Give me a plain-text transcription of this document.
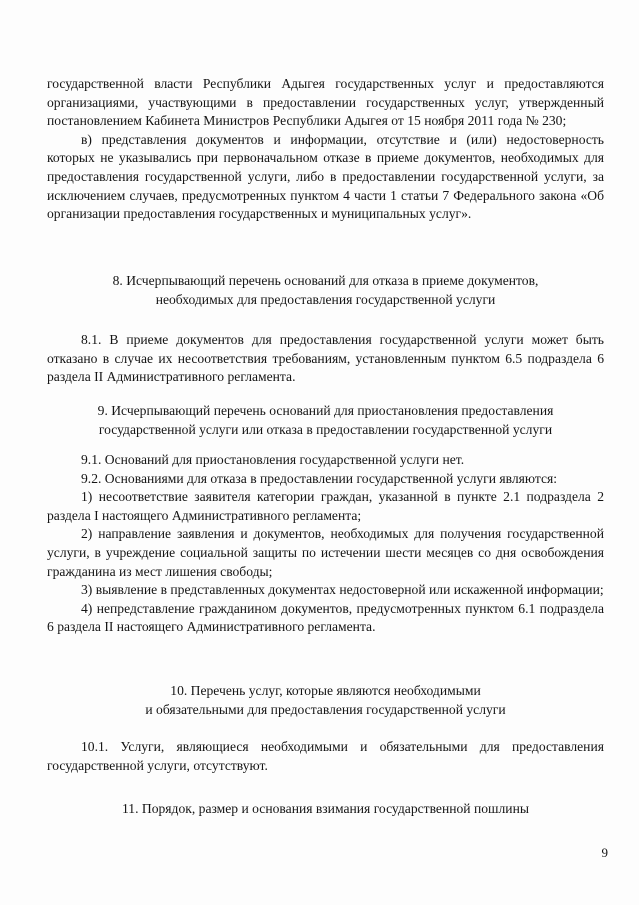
государственной власти Республики Адыгея государственных услуг и предоставляются организациями, участвующими в предоставлении государственных услуг, утвержденный постановлением Кабинета Министров Республики Адыгея от 15 ноября 2011 года № 230;

в) представления документов и информации, отсутствие и (или) недостоверность которых не указывались при первоначальном отказе в приеме документов, необходимых для предоставления государственной услуги, либо в предоставлении государственной услуги, за исключением случаев, предусмотренных пунктом 4 части 1 статьи 7 Федерального закона «Об организации предоставления государственных и муниципальных услуг».

8. Исчерпывающий перечень оснований для отказа в приеме документов,
необходимых для предоставления государственной услуги

8.1. В приеме документов для предоставления государственной услуги может быть отказано в случае их несоответствия требованиям, установленным пунктом 6.5 подраздела 6 раздела II Административного регламента.

9. Исчерпывающий перечень оснований для приостановления предоставления
государственной услуги или отказа в предоставлении государственной услуги

9.1. Оснований для приостановления государственной услуги нет.

9.2. Основаниями для отказа в предоставлении государственной услуги являются:

1) несоответствие заявителя категории граждан, указанной в пункте 2.1 подраздела 2 раздела I настоящего Административного регламента;

2) направление заявления и документов, необходимых для получения государственной услуги, в учреждение социальной защиты по истечении шести месяцев со дня освобождения гражданина из мест лишения свободы;

3) выявление в представленных документах недостоверной или искаженной информации;

4) непредставление гражданином документов, предусмотренных пунктом 6.1 подраздела 6 раздела II настоящего Административного регламента.

10. Перечень услуг, которые являются необходимыми
и обязательными для предоставления государственной услуги

10.1. Услуги, являющиеся необходимыми и обязательными для предоставления государственной услуги, отсутствуют.

11. Порядок, размер и основания взимания государственной пошлины
9
